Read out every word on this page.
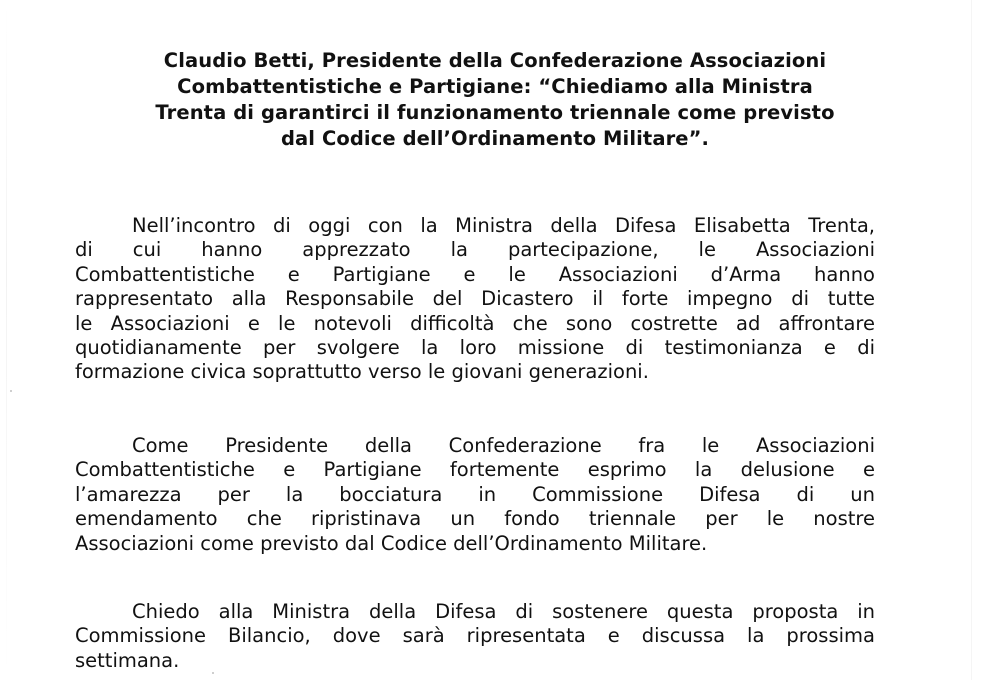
Claudio Betti, Presidente della Confederazione Associazioni
Combattentistiche e Partigiane: “Chiediamo alla Ministra
Trenta di garantirci il funzionamento triennale come previsto
dal Codice dell’Ordinamento Militare”.
Nell’incontro di oggi con la Ministra della Difesa Elisabetta Trenta,
di cui hanno apprezzato la partecipazione, le Associazioni
Combattentistiche e Partigiane e le Associazioni d’Arma hanno
rappresentato alla Responsabile del Dicastero il forte impegno di tutte
le Associazioni e le notevoli difficoltà che sono costrette ad affrontare
quotidianamente per svolgere la loro missione di testimonianza e di
formazione civica soprattutto verso le giovani generazioni.
Come Presidente della Confederazione fra le Associazioni
Combattentistiche e Partigiane fortemente esprimo la delusione e
l’amarezza per la bocciatura in Commissione Difesa di un
emendamento che ripristinava un fondo triennale per le nostre
Associazioni come previsto dal Codice dell’Ordinamento Militare.
Chiedo alla Ministra della Difesa di sostenere questa proposta in
Commissione Bilancio, dove sarà ripresentata e discussa la prossima
settimana.
